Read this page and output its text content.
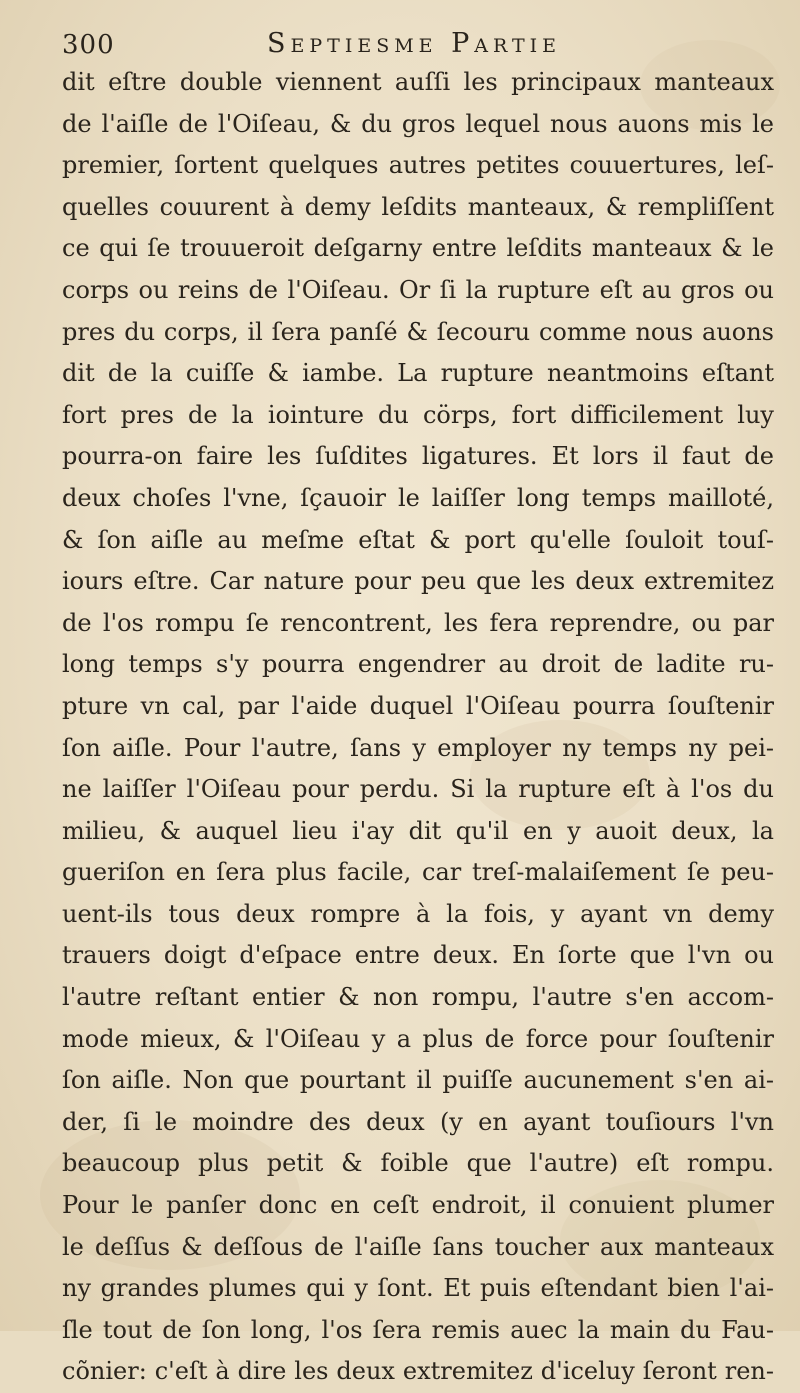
300	Septiesme Partie
dit eſtre double viennent auſſi les principaux manteaux
de l'aiſle de l'Oiſeau, & du gros lequel nous auons mis le
premier, ſortent quelques autres petites couuertures, leſ-
quelles couurent à demy leſdits manteaux, & rempliſſent
ce qui ſe trouueroit deſgarny entre leſdits manteaux & le
corps ou reins de l'Oiſeau. Or ſi la rupture eſt au gros ou
pres du corps, il ſera panſé & ſecouru comme nous auons
dit de la cuiſſe & iambe. La rupture neantmoins eſtant
fort pres de la iointure du cörps, fort difficilement luy
pourra-on faire les ſuſdites ligatures. Et lors il faut de
deux choſes l'vne, ſçauoir le laiſſer long temps mailloté,
& ſon aiſle au meſme eſtat & port qu'elle ſouloit touſ-
iours eſtre. Car nature pour peu que les deux extremitez
de l'os rompu ſe rencontrent, les fera reprendre, ou par
long temps s'y pourra engendrer au droit de ladite ru-
pture vn cal, par l'aide duquel l'Oiſeau pourra ſouſtenir
ſon aiſle. Pour l'autre, ſans y employer ny temps ny pei-
ne laiſſer l'Oiſeau pour perdu. Si la rupture eſt à l'os du
milieu, & auquel lieu i'ay dit qu'il en y auoit deux, la
gueriſon en ſera plus facile, car treſ-malaiſement ſe peu-
uent-ils tous deux rompre à la fois, y ayant vn demy
trauers doigt d'eſpace entre deux. En ſorte que l'vn ou
l'autre reſtant entier & non rompu, l'autre s'en accom-
mode mieux, & l'Oiſeau y a plus de force pour ſouſtenir
ſon aiſle. Non que pourtant il puiſſe aucunement s'en ai-
der, ſi le moindre des deux (y en ayant touſiours l'vn
beaucoup plus petit & foible que l'autre) eſt rompu.
Pour le panſer donc en ceſt endroit, il conuient plumer
le deſſus & deſſous de l'aiſle ſans toucher aux manteaux
ny grandes plumes qui y ſont. Et puis eſtendant bien l'ai-
ſle tout de ſon long, l'os ſera remis auec la main du Fau-
cõnier: c'eſt à dire les deux extremitez d'iceluy ſeront ren-
